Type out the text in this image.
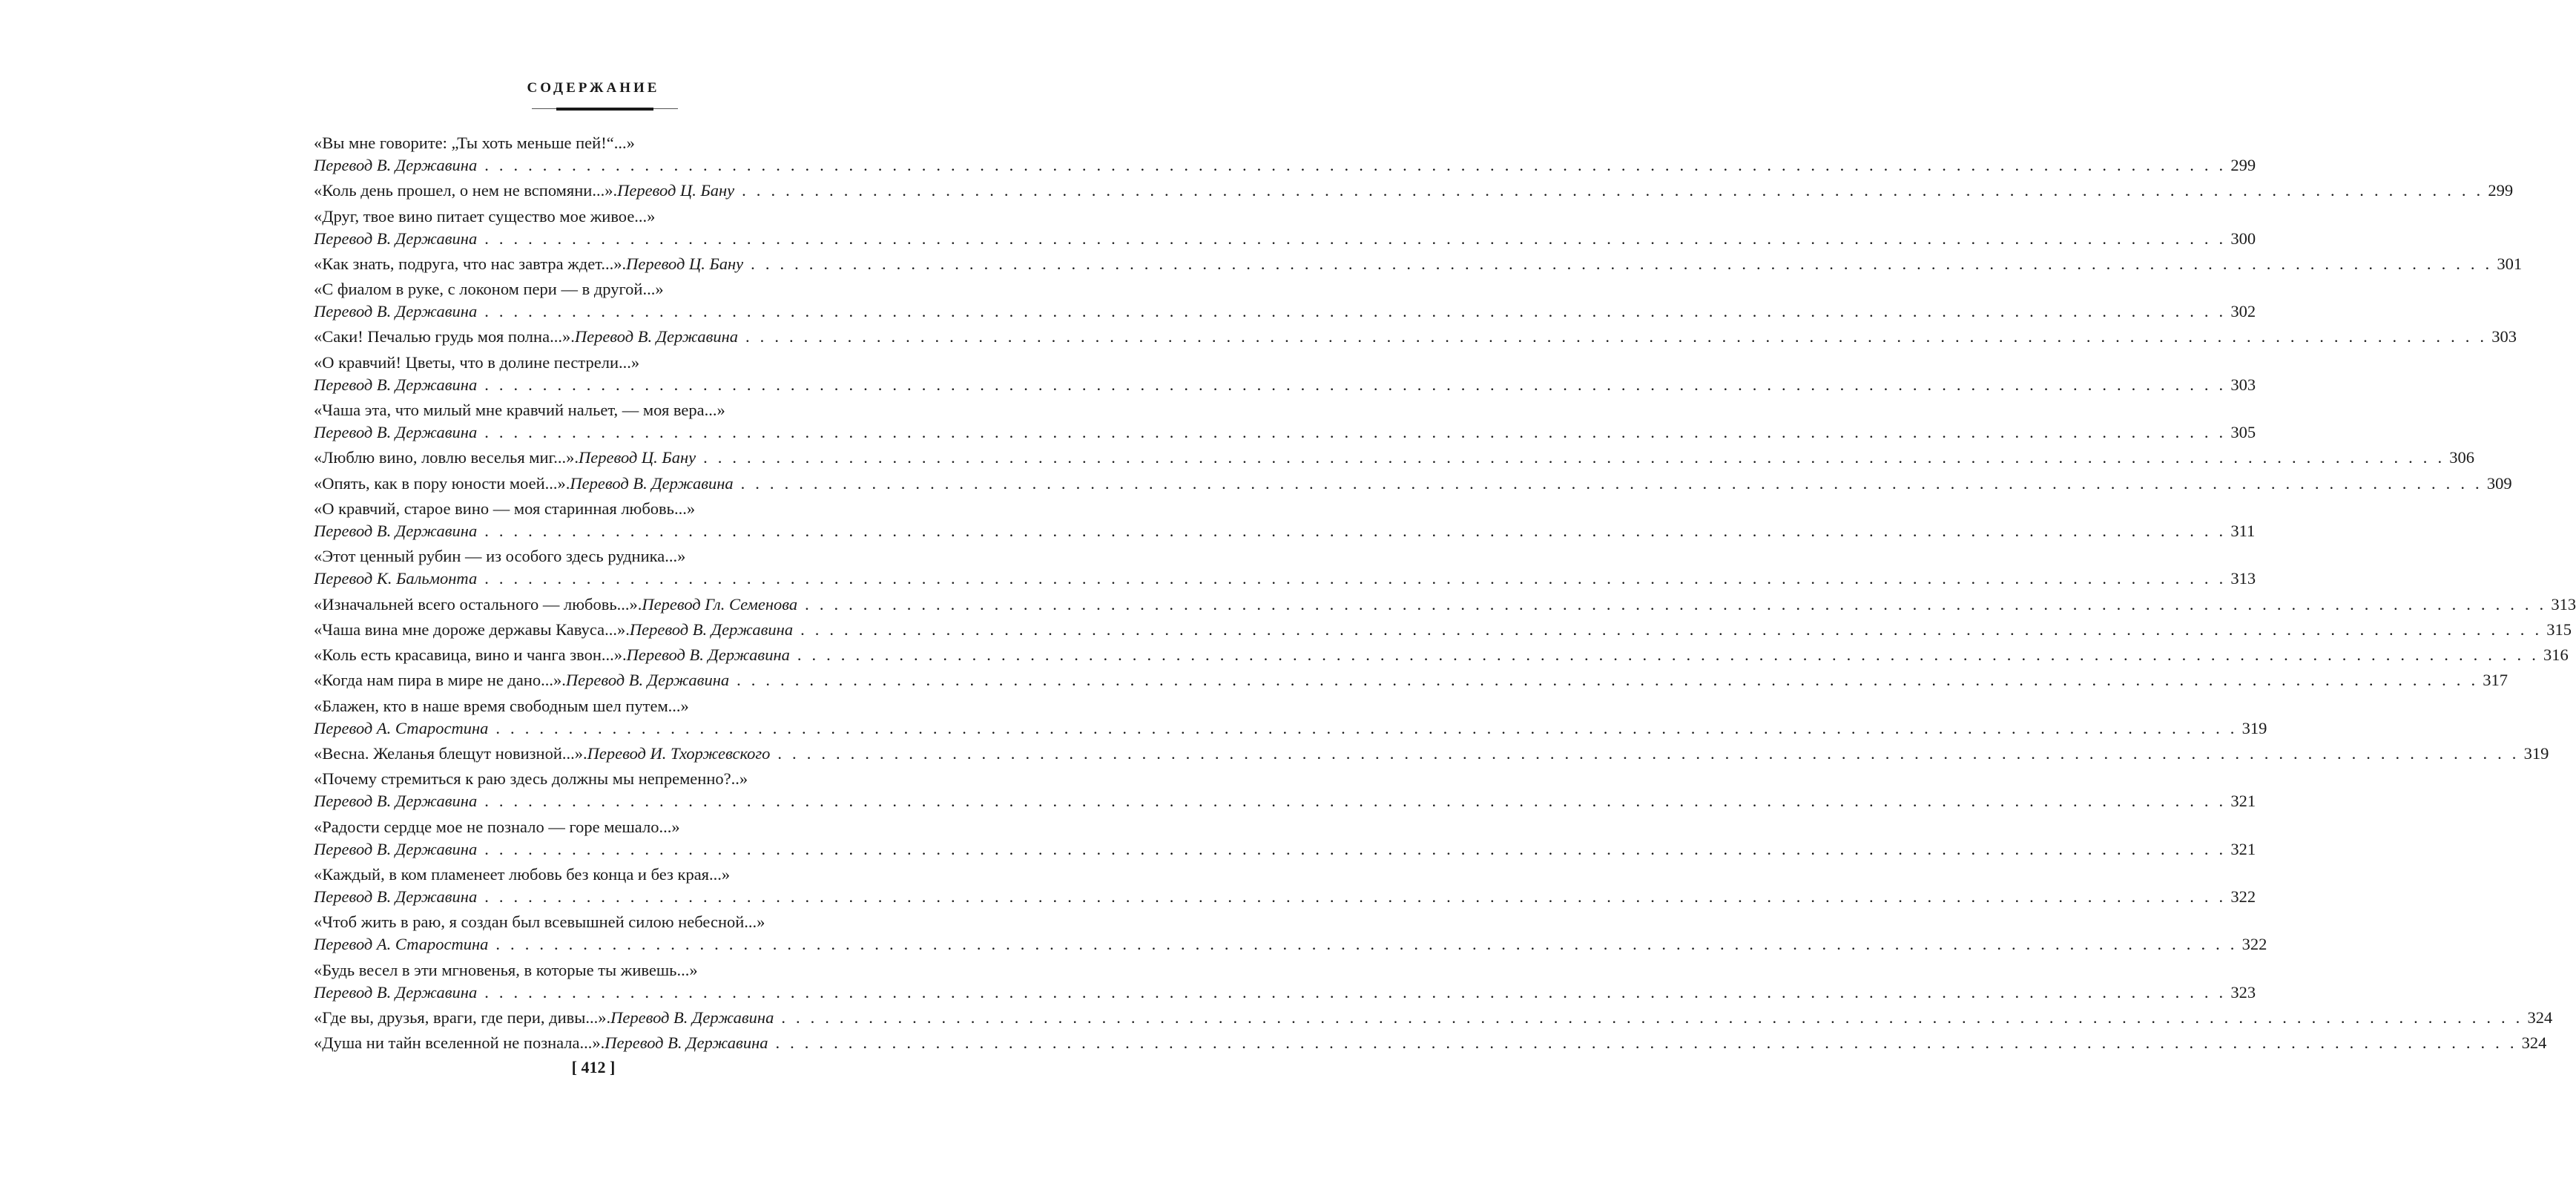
СОДЕРЖАНИЕ
«Вы мне говорите: „Ты хоть меньше пей!“...»
Перевод В. Державина . . . . . . . . . . . . . . . . . . . . . . . . . . . . . . . . . . . . . . . . . . . . . . . . . . . . . . . . . . . . . . . . . . . . . . . . . . . . . . . . . . . . . . . . . . . . . . . . . . . . . . . . . . . . . . . . . . . . . . . . 299
«Коль день прошел, о нем не вспомяни...». Перевод Ц. Бану . . . . . . . . . . . . . . . . . . . . . . . . . . . . . . . . . . . . . . . . . . . . . . . . . . . . . . . . . . . . . . . . . . . . . . . . . . . . . . . . . . . . . . . . . . . . . . . . . . . . . . . . . . . . . . . . . . . . . . . . 299
«Друг, твое вино питает существо мое живое...»
Перевод В. Державина . . . . . . . . . . . . . . . . . . . . . . . . . . . . . . . . . . . . . . . . . . . . . . . . . . . . . . . . . . . . . . . . . . . . . . . . . . . . . . . . . . . . . . . . . . . . . . . . . . . . . . . . . . . . . . . . . . . . . . . . 300
«Как знать, подруга, что нас завтра ждет...». Перевод Ц. Бану . . . . . . . . . . . . . . . . . . . . . . . . . . . . . . . . . . . . . . . . . . . . . . . . . . . . . . . . . . . . . . . . . . . . . . . . . . . . . . . . . . . . . . . . . . . . . . . . . . . . . . . . . . . . . . . . . . . . . . . . 301
«С фиалом в руке, с локоном пери — в другой...»
Перевод В. Державина . . . . . . . . . . . . . . . . . . . . . . . . . . . . . . . . . . . . . . . . . . . . . . . . . . . . . . . . . . . . . . . . . . . . . . . . . . . . . . . . . . . . . . . . . . . . . . . . . . . . . . . . . . . . . . . . . . . . . . . . 302
«Саки! Печалью грудь моя полна...». Перевод В. Державина . . . . . . . . . . . . . . . . . . . . . . . . . . . . . . . . . . . . . . . . . . . . . . . . . . . . . . . . . . . . . . . . . . . . . . . . . . . . . . . . . . . . . . . . . . . . . . . . . . . . . . . . . . . . . . . . . . . . . . . . 303
«О кравчий! Цветы, что в долине пестрели...»
Перевод В. Державина . . . . . . . . . . . . . . . . . . . . . . . . . . . . . . . . . . . . . . . . . . . . . . . . . . . . . . . . . . . . . . . . . . . . . . . . . . . . . . . . . . . . . . . . . . . . . . . . . . . . . . . . . . . . . . . . . . . . . . . . 303
«Чаша эта, что милый мне кравчий нальет, — моя вера...»
Перевод В. Державина . . . . . . . . . . . . . . . . . . . . . . . . . . . . . . . . . . . . . . . . . . . . . . . . . . . . . . . . . . . . . . . . . . . . . . . . . . . . . . . . . . . . . . . . . . . . . . . . . . . . . . . . . . . . . . . . . . . . . . . . 305
«Люблю вино, ловлю веселья миг...». Перевод Ц. Бану . . . . . . . . . . . . . . . . . . . . . . . . . . . . . . . . . . . . . . . . . . . . . . . . . . . . . . . . . . . . . . . . . . . . . . . . . . . . . . . . . . . . . . . . . . . . . . . . . . . . . . . . . . . . . . . . . . . . . . . . 306
«Опять, как в пору юности моей...». Перевод В. Державина . . . . . . . . . . . . . . . . . . . . . . . . . . . . . . . . . . . . . . . . . . . . . . . . . . . . . . . . . . . . . . . . . . . . . . . . . . . . . . . . . . . . . . . . . . . . . . . . . . . . . . . . . . . . . . . . . . . . . . . . 309
«О кравчий, старое вино — моя старинная любовь...»
Перевод В. Державина . . . . . . . . . . . . . . . . . . . . . . . . . . . . . . . . . . . . . . . . . . . . . . . . . . . . . . . . . . . . . . . . . . . . . . . . . . . . . . . . . . . . . . . . . . . . . . . . . . . . . . . . . . . . . . . . . . . . . . . . 311
«Этот ценный рубин — из особого здесь рудника...»
Перевод К. Бальмонта . . . . . . . . . . . . . . . . . . . . . . . . . . . . . . . . . . . . . . . . . . . . . . . . . . . . . . . . . . . . . . . . . . . . . . . . . . . . . . . . . . . . . . . . . . . . . . . . . . . . . . . . . . . . . . . . . . . . . . . . 313
«Изначальней всего остального — любовь...». Перевод Гл. Семенова . . . . . . . . . . . . . . . . . . . . . . . . . . . . . . . . . . . . . . . . . . . . . . . . . . . . . . . . . . . . . . . . . . . . . . . . . . . . . . . . . . . . . . . . . . . . . . . . . . . . . . . . . . . . . . . . . . . . . . . . 313
«Чаша вина мне дороже державы Кавуса...». Перевод В. Державина . . . . . . . . . . . . . . . . . . . . . . . . . . . . . . . . . . . . . . . . . . . . . . . . . . . . . . . . . . . . . . . . . . . . . . . . . . . . . . . . . . . . . . . . . . . . . . . . . . . . . . . . . . . . . . . . . . . . . . . . 315
«Коль есть красавица, вино и чанга звон...». Перевод В. Державина . . . . . . . . . . . . . . . . . . . . . . . . . . . . . . . . . . . . . . . . . . . . . . . . . . . . . . . . . . . . . . . . . . . . . . . . . . . . . . . . . . . . . . . . . . . . . . . . . . . . . . . . . . . . . . . . . . . . . . . . 316
«Когда нам пира в мире не дано...». Перевод В. Державина . . . . . . . . . . . . . . . . . . . . . . . . . . . . . . . . . . . . . . . . . . . . . . . . . . . . . . . . . . . . . . . . . . . . . . . . . . . . . . . . . . . . . . . . . . . . . . . . . . . . . . . . . . . . . . . . . . . . . . . . 317
«Блажен, кто в наше время свободным шел путем...»
Перевод А. Старостина . . . . . . . . . . . . . . . . . . . . . . . . . . . . . . . . . . . . . . . . . . . . . . . . . . . . . . . . . . . . . . . . . . . . . . . . . . . . . . . . . . . . . . . . . . . . . . . . . . . . . . . . . . . . . . . . . . . . . . . . 319
«Весна. Желанья блещут новизной...». Перевод И. Тхоржевского . . . . . . . . . . . . . . . . . . . . . . . . . . . . . . . . . . . . . . . . . . . . . . . . . . . . . . . . . . . . . . . . . . . . . . . . . . . . . . . . . . . . . . . . . . . . . . . . . . . . . . . . . . . . . . . . . . . . . . . . 319
«Почему стремиться к раю здесь должны мы непременно?..»
Перевод В. Державина . . . . . . . . . . . . . . . . . . . . . . . . . . . . . . . . . . . . . . . . . . . . . . . . . . . . . . . . . . . . . . . . . . . . . . . . . . . . . . . . . . . . . . . . . . . . . . . . . . . . . . . . . . . . . . . . . . . . . . . . 321
«Радости сердце мое не познало — горе мешало...»
Перевод В. Державина . . . . . . . . . . . . . . . . . . . . . . . . . . . . . . . . . . . . . . . . . . . . . . . . . . . . . . . . . . . . . . . . . . . . . . . . . . . . . . . . . . . . . . . . . . . . . . . . . . . . . . . . . . . . . . . . . . . . . . . . 321
«Каждый, в ком пламенеет любовь без конца и без края...»
Перевод В. Державина . . . . . . . . . . . . . . . . . . . . . . . . . . . . . . . . . . . . . . . . . . . . . . . . . . . . . . . . . . . . . . . . . . . . . . . . . . . . . . . . . . . . . . . . . . . . . . . . . . . . . . . . . . . . . . . . . . . . . . . . 322
«Чтоб жить в раю, я создан был всевышней силою небесной...»
Перевод А. Старостина . . . . . . . . . . . . . . . . . . . . . . . . . . . . . . . . . . . . . . . . . . . . . . . . . . . . . . . . . . . . . . . . . . . . . . . . . . . . . . . . . . . . . . . . . . . . . . . . . . . . . . . . . . . . . . . . . . . . . . . . 322
«Будь весел в эти мгновенья, в которые ты живешь...»
Перевод В. Державина . . . . . . . . . . . . . . . . . . . . . . . . . . . . . . . . . . . . . . . . . . . . . . . . . . . . . . . . . . . . . . . . . . . . . . . . . . . . . . . . . . . . . . . . . . . . . . . . . . . . . . . . . . . . . . . . . . . . . . . . 323
«Где вы, друзья, враги, где пери, дивы...». Перевод В. Державина . . . . . . . . . . . . . . . . . . . . . . . . . . . . . . . . . . . . . . . . . . . . . . . . . . . . . . . . . . . . . . . . . . . . . . . . . . . . . . . . . . . . . . . . . . . . . . . . . . . . . . . . . . . . . . . . . . . . . . . . 324
«Душа ни тайн вселенной не познала...». Перевод В. Державина . . . . . . . . . . . . . . . . . . . . . . . . . . . . . . . . . . . . . . . . . . . . . . . . . . . . . . . . . . . . . . . . . . . . . . . . . . . . . . . . . . . . . . . . . . . . . . . . . . . . . . . . . . . . . . . . . . . . . . . . 324
[ 412 ]
